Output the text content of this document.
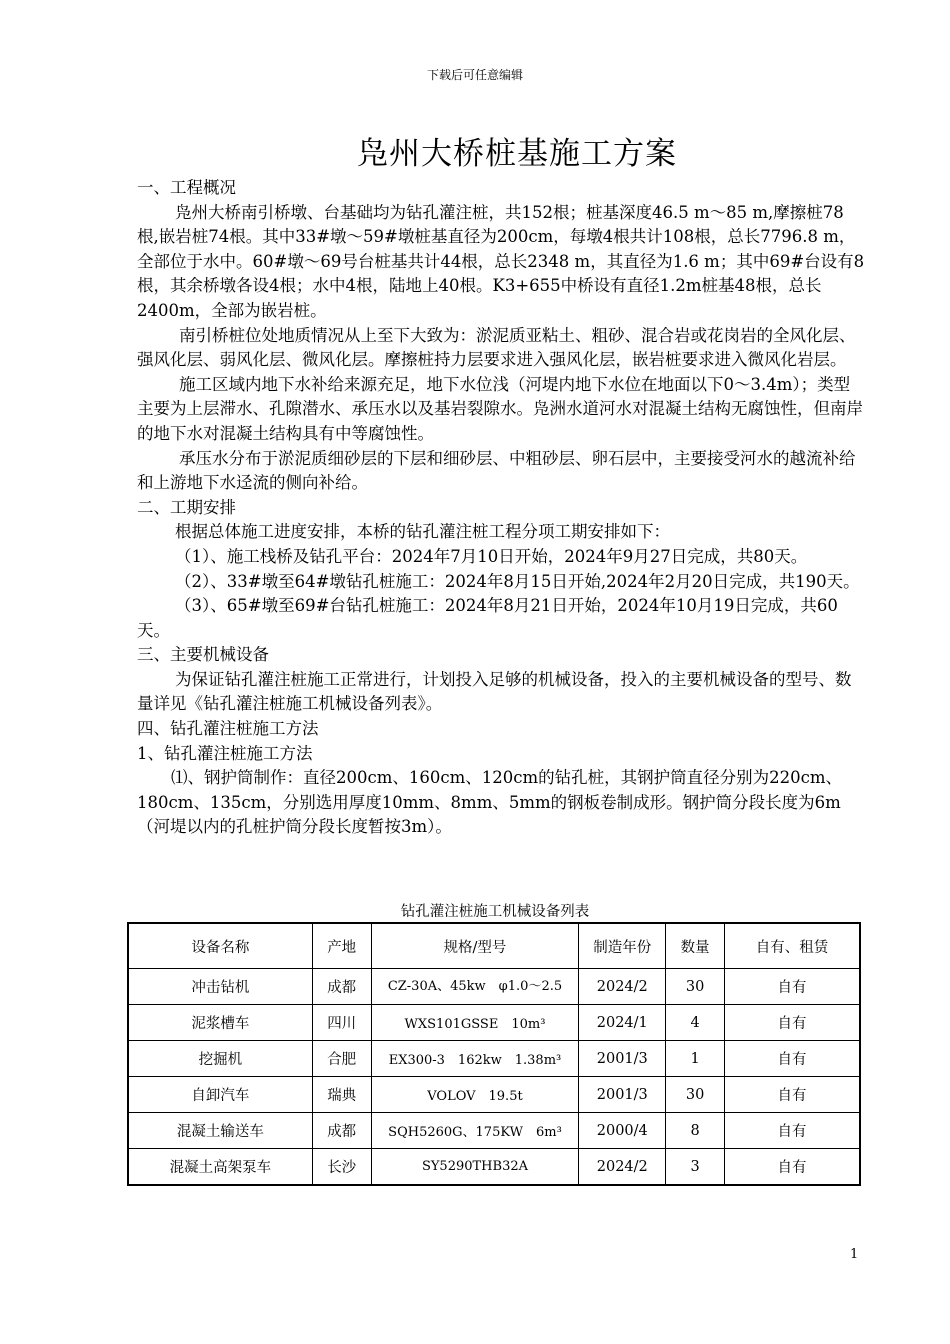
下载后可任意编辑
凫州大桥桩基施工方案

一、工程概况

凫州大桥南引桥墩、台基础均为钻孔灌注桩，共152根；桩基深度46.5 m～85 m,摩擦桩78根,嵌岩桩74根。其中33#墩～59#墩桩基直径为200cm，每墩4根共计108根，总长7796.8 m，全部位于水中。60#墩～69号台桩基共计44根，总长2348 m，其直径为1.6 m；其中69#台设有8根，其余桥墩各设4根；水中4根，陆地上40根。K3+655中桥设有直径1.2m桩基48根，总长2400m，全部为嵌岩桩。

南引桥桩位处地质情况从上至下大致为：淤泥质亚粘土、粗砂、混合岩或花岗岩的全风化层、强风化层、弱风化层、微风化层。摩擦桩持力层要求进入强风化层，嵌岩桩要求进入微风化岩层。

施工区域内地下水补给来源充足，地下水位浅（河堤内地下水位在地面以下0～3.4m）；类型主要为上层滞水、孔隙潜水、承压水以及基岩裂隙水。凫洲水道河水对混凝土结构无腐蚀性，但南岸的地下水对混凝土结构具有中等腐蚀性。

承压水分布于淤泥质细砂层的下层和细砂层、中粗砂层、卵石层中，主要接受河水的越流补给和上游地下水迳流的侧向补给。

二、工期安排

根据总体施工进度安排，本桥的钻孔灌注桩工程分项工期安排如下：

（1）、施工栈桥及钻孔平台：2024年7月10日开始，2024年9月27日完成，共80天。

（2）、33#墩至64#墩钻孔桩施工：2024年8月15日开始,2024年2月20日完成，共190天。

（3）、65#墩至69#台钻孔桩施工：2024年8月21日开始，2024年10月19日完成，共60天。

三、主要机械设备

为保证钻孔灌注桩施工正常进行，计划投入足够的机械设备，投入的主要机械设备的型号、数量详见《钻孔灌注桩施工机械设备列表》。

四、钻孔灌注桩施工方法

1、钻孔灌注桩施工方法

⑴、钢护筒制作：直径200cm、160cm、120cm的钻孔桩，其钢护筒直径分别为220cm、180cm、135cm，分别选用厚度10mm、8mm、5mm的钢板卷制成形。钢护筒分段长度为6m（河堤以内的孔桩护筒分段长度暂按3m）。

钻孔灌注桩施工机械设备列表
设备名称	产地	规格/型号	制造年份	数量	自有、租赁
冲击钻机	成都	CZ-30A、45kw　φ1.0～2.5	2024/2	30	自有
泥浆槽车	四川	WXS101GSSE　10m³	2024/1	4	自有
挖掘机	合肥	EX300-3　162kw　1.38m³	2001/3	1	自有
自卸汽车	瑞典	VOLOV　19.5t	2001/3	30	自有
混凝土输送车	成都	SQH5260G、175KW　6m³	2000/4	8	自有
混凝土高架泵车	长沙	SY5290THB32A	2024/2	3	自有
1
